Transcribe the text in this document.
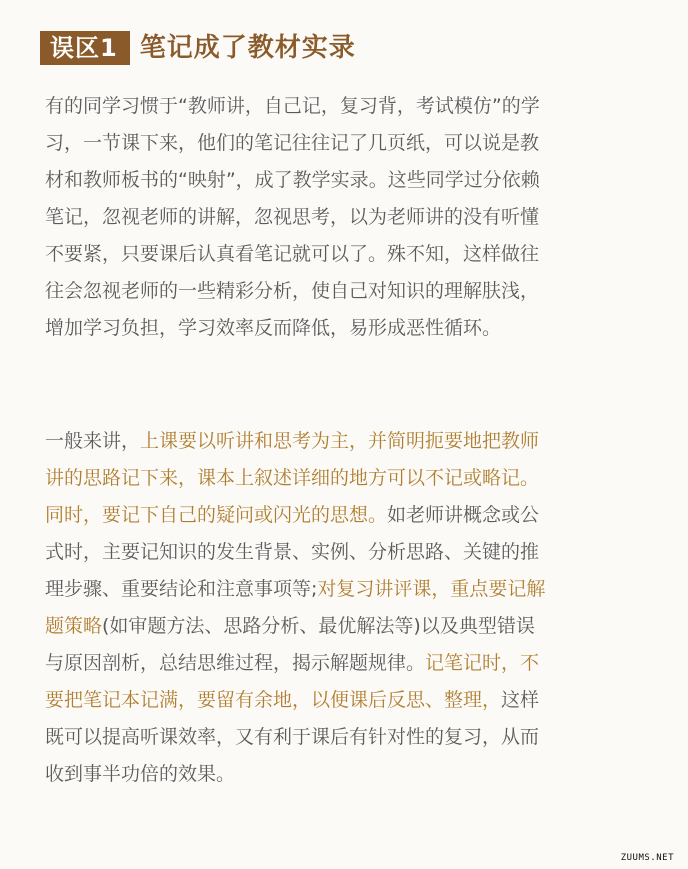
误区1 笔记成了教材实录
有的同学习惯于“教师讲，自己记，复习背，考试模仿”的学
习，一节课下来，他们的笔记往往记了几页纸，可以说是教
材和教师板书的“映射”，成了教学实录。这些同学过分依赖
笔记，忽视老师的讲解，忽视思考，以为老师讲的没有听懂
不要紧，只要课后认真看笔记就可以了。殊不知，这样做往
往会忽视老师的一些精彩分析，使自己对知识的理解肤浅，
增加学习负担，学习效率反而降低，易形成恶性循环。
一般来讲，上课要以听讲和思考为主，并简明扼要地把教师
讲的思路记下来，课本上叙述详细的地方可以不记或略记。
同时，要记下自己的疑问或闪光的思想。如老师讲概念或公
式时，主要记知识的发生背景、实例、分析思路、关键的推
理步骤、重要结论和注意事项等;对复习讲评课，重点要记解
题策略(如审题方法、思路分析、最优解法等)以及典型错误
与原因剖析，总结思维过程，揭示解题规律。记笔记时，不
要把笔记本记满，要留有余地，以便课后反思、整理，这样
既可以提高听课效率，又有利于课后有针对性的复习，从而
收到事半功倍的效果。
ZUUMS.NET
